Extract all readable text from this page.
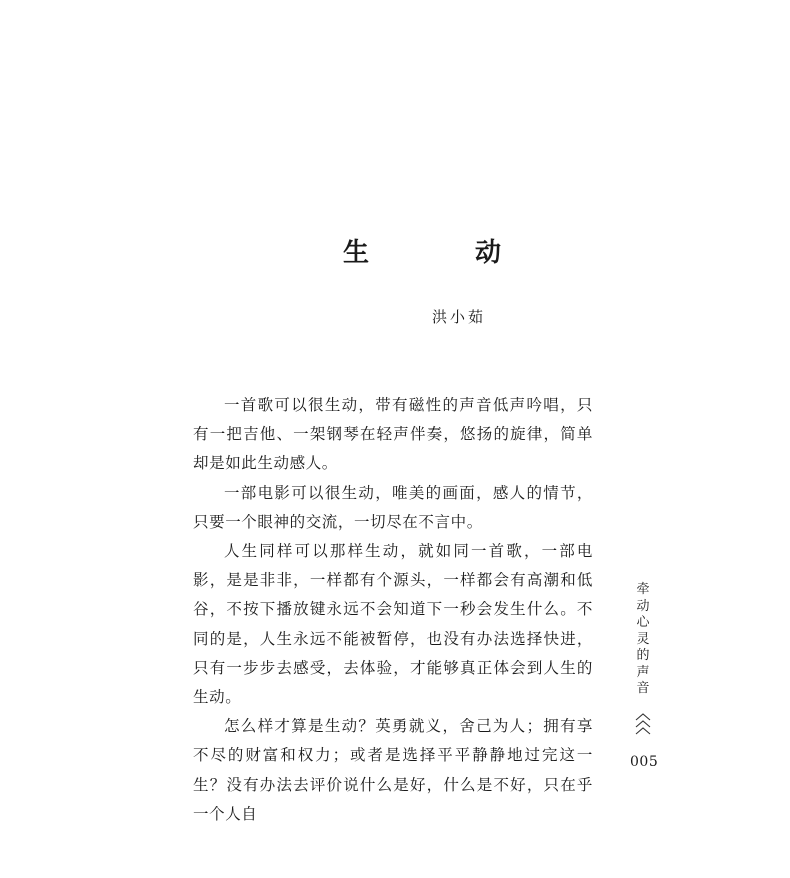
生　动
洪小茹

一首歌可以很生动，带有磁性的声音低声吟唱，只有一把吉他、一架钢琴在轻声伴奏，悠扬的旋律，简单却是如此生动感人。

一部电影可以很生动，唯美的画面，感人的情节，只要一个眼神的交流，一切尽在不言中。

人生同样可以那样生动，就如同一首歌，一部电影，是是非非，一样都有个源头，一样都会有高潮和低谷，不按下播放键永远不会知道下一秒会发生什么。不同的是，人生永远不能被暂停，也没有办法选择快进，只有一步步去感受，去体验，才能够真正体会到人生的生动。

怎么样才算是生动？英勇就义，舍己为人；拥有享不尽的财富和权力；或者是选择平平静静地过完这一生？没有办法去评价说什么是好，什么是不好，只在乎一个人自

牵动心灵的声音
005
